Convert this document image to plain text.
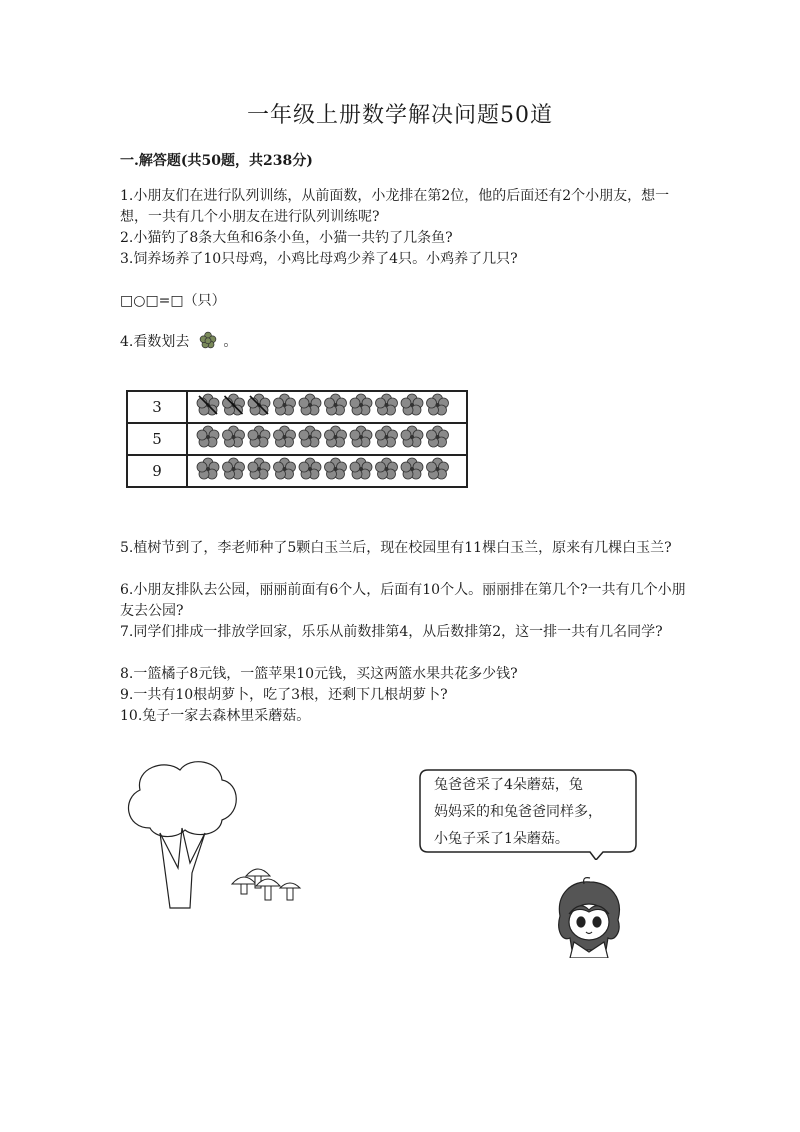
一年级上册数学解决问题50道
一.解答题(共50题，共238分)
1.小朋友们在进行队列训练，从前面数，小龙排在第2位，他的后面还有2个小朋友，想一想，一共有几个小朋友在进行队列训练呢?
2.小猫钓了8条大鱼和6条小鱼，小猫一共钓了几条鱼?
3.饲养场养了10只母鸡，小鸡比母鸡少养了4只。小鸡养了几只?
□○□=□（只）
4.看数划去 。
3	
5	
9	
5.植树节到了，李老师种了5颗白玉兰后，现在校园里有11棵白玉兰，原来有几棵白玉兰?
6.小朋友排队去公园，丽丽前面有6个人，后面有10个人。丽丽排在第几个?一共有几个小朋友去公园?
7.同学们排成一排放学回家，乐乐从前数排第4，从后数排第2，这一排一共有几名同学?
8.一篮橘子8元钱，一篮苹果10元钱，买这两篮水果共花多少钱?
9.一共有10根胡萝卜，吃了3根，还剩下几根胡萝卜?
10.兔子一家去森林里采蘑菇。
兔爸爸采了4朵蘑菇，兔
妈妈采的和兔爸爸同样多，
小兔子采了1朵蘑菇。
